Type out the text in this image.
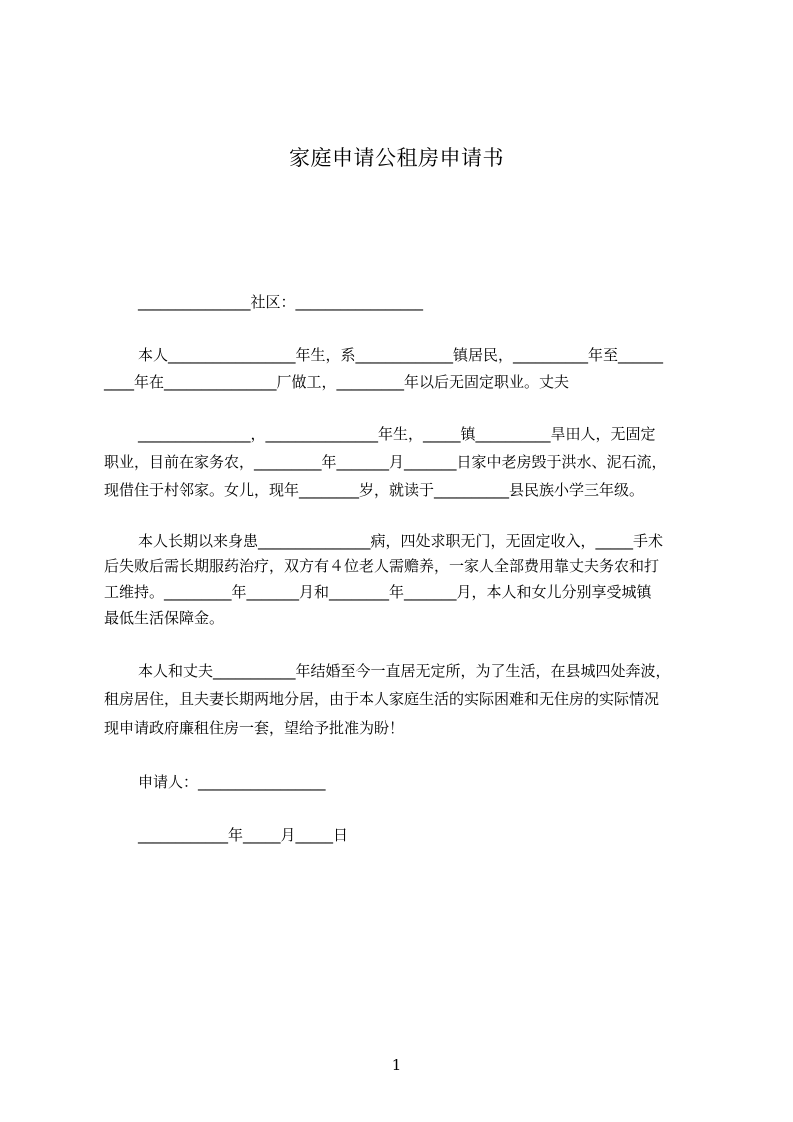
家庭申请公租房申请书
_______________社区：_________________
本人_________________年生，系_____________镇居民，__________年至______
____年在_______________厂做工，_________年以后无固定职业。丈夫
_______________，_______________年生，_____镇__________旱田人，无固定
职业，目前在家务农，_________年_______月_______日家中老房毁于洪水、泥石流，
现借住于村邻家。女儿，现年________岁，就读于__________县民族小学三年级。
本人长期以来身患_______________病，四处求职无门，无固定收入，_____手术
后失败后需长期服药治疗，双方有４位老人需赡养，一家人全部费用靠丈夫务农和打
工维持。_________年_______月和________年_______月，本人和女儿分别享受城镇
最低生活保障金。
本人和丈夫___________年结婚至今一直居无定所，为了生活，在县城四处奔波，
租房居住，且夫妻长期两地分居，由于本人家庭生活的实际困难和无住房的实际情况
现申请政府廉租住房一套，望给予批准为盼！
申请人：_________________
____________年_____月_____日
1
